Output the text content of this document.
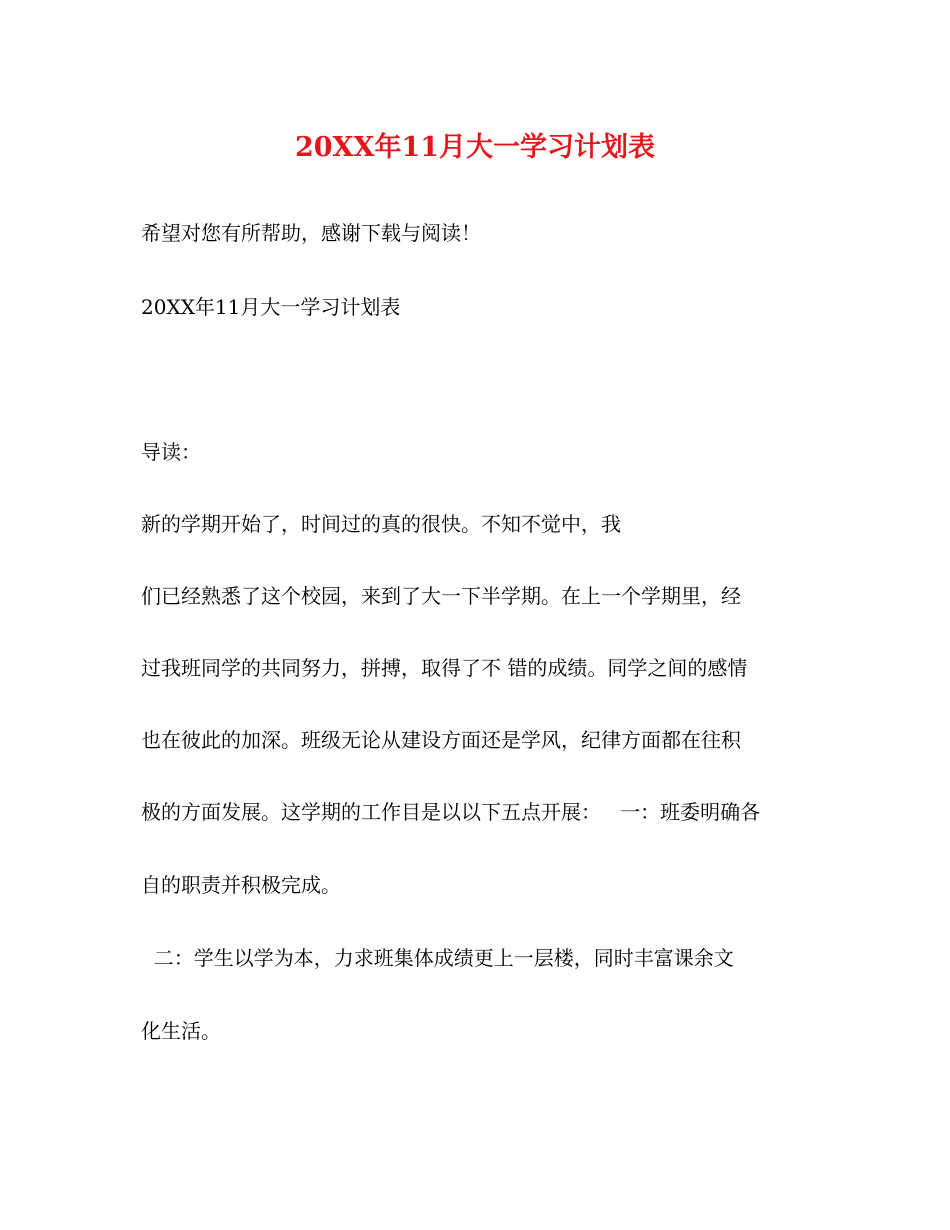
20XX年11月大一学习计划表
希望对您有所帮助，感谢下载与阅读！
20XX年11月大一学习计划表
导读：
新的学期开始了，时间过的真的很快。不知不觉中，我
们已经熟悉了这个校园，来到了大一下半学期。在上一个学期里，经
过我班同学的共同努力，拼搏，取得了不 错的成绩。同学之间的感情
也在彼此的加深。班级无论从建设方面还是学风，纪律方面都在往积
极的方面发展。这学期的工作目是以以下五点开展：   一：班委明确各
自的职责并积极完成。
二：学生以学为本，力求班集体成绩更上一层楼，同时丰富课余文
化生活。
